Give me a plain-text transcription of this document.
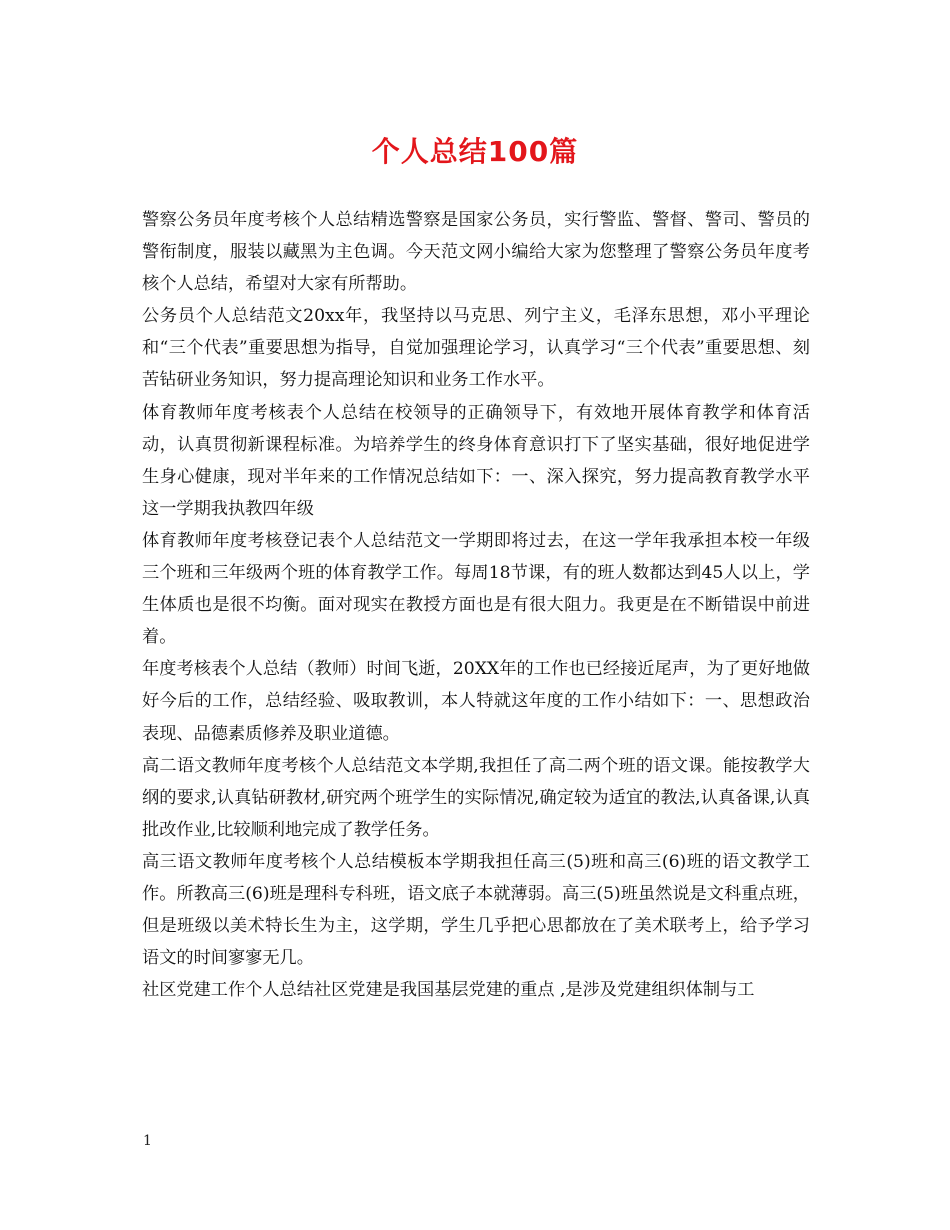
个人总结100篇

警察公务员年度考核个人总结精选警察是国家公务员，实行警监、警督、警司、警员的警衔制度，服装以藏黑为主色调。今天范文网小编给大家为您整理了警察公务员年度考核个人总结，希望对大家有所帮助。

公务员个人总结范文20xx年，我坚持以马克思、列宁主义，毛泽东思想，邓小平理论和“三个代表”重要思想为指导，自觉加强理论学习，认真学习“三个代表”重要思想、刻苦钻研业务知识，努力提高理论知识和业务工作水平。

体育教师年度考核表个人总结在校领导的正确领导下，有效地开展体育教学和体育活动，认真贯彻新课程标准。为培养学生的终身体育意识打下了坚实基础，很好地促进学生身心健康，现对半年来的工作情况总结如下：一、深入探究，努力提高教育教学水平这一学期我执教四年级

体育教师年度考核登记表个人总结范文一学期即将过去，在这一学年我承担本校一年级三个班和三年级两个班的体育教学工作。每周18节课，有的班人数都达到45人以上，学生体质也是很不均衡。面对现实在教授方面也是有很大阻力。我更是在不断错误中前进着。

年度考核表个人总结（教师）时间飞逝，20XX年的工作也已经接近尾声，为了更好地做好今后的工作，总结经验、吸取教训，本人特就这年度的工作小结如下：一、思想政治表现、品德素质修养及职业道德。

高二语文教师年度考核个人总结范文本学期,我担任了高二两个班的语文课。能按教学大纲的要求,认真钻研教材,研究两个班学生的实际情况,确定较为适宜的教法,认真备课,认真批改作业,比较顺利地完成了教学任务。

高三语文教师年度考核个人总结模板本学期我担任高三(5)班和高三(6)班的语文教学工作。所教高三(6)班是理科专科班，语文底子本就薄弱。高三(5)班虽然说是文科重点班，但是班级以美术特长生为主，这学期，学生几乎把心思都放在了美术联考上，给予学习语文的时间寥寥无几。

社区党建工作个人总结社区党建是我国基层党建的重点 ,是涉及党建组织体制与工

1
